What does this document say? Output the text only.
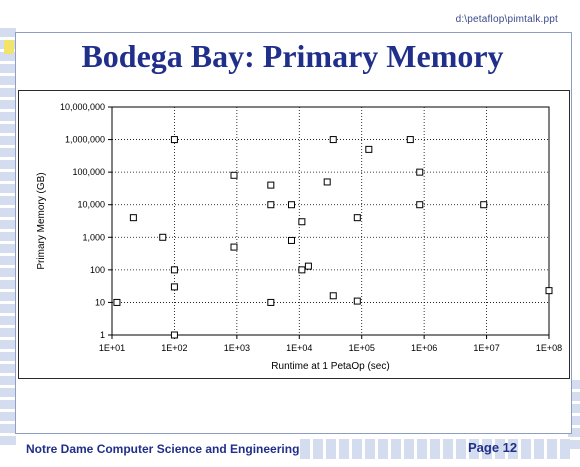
d:\petaflop\pimtalk.ppt
Bodega Bay: Primary Memory
1E+01	1E+02	1E+03	1E+04	1E+05	1E+06	1E+07	1E+08
1
10
100
1,000
10,000
100,000
1,000,000
10,000,000
Runtime at 1 PetaOp (sec)
Primary Memory (GB)
Notre Dame Computer Science and Engineering	Page 12
